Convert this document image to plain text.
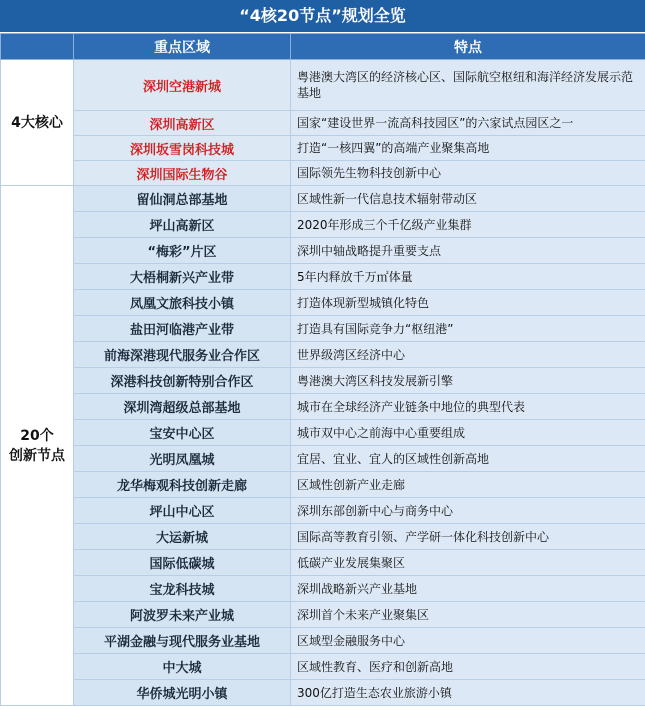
“4核20节点”规划全览
	重点区域	特点
4大核心	深圳空港新城	粤港澳大湾区的经济核心区、国际航空枢纽和海洋经济发展示范基地
	深圳高新区	国家“建设世界一流高科技园区”的六家试点园区之一
	深圳坂雪岗科技城	打造“一核四翼”的高端产业聚集高地
	深圳国际生物谷	国际领先生物科技创新中心

20个
创新节点	留仙洞总部基地	区域性新一代信息技术辐射带动区
	坪山高新区	2020年形成三个千亿级产业集群
	“梅彩”片区	深圳中轴战略提升重要支点
	大梧桐新兴产业带	5年内释放千万㎡体量
	凤凰文旅科技小镇	打造体现新型城镇化特色
	盐田河临港产业带	打造具有国际竞争力“枢纽港”
	前海深港现代服务业合作区	世界级湾区经济中心
	深港科技创新特别合作区	粤港澳大湾区科技发展新引擎
	深圳湾超级总部基地	城市在全球经济产业链条中地位的典型代表
	宝安中心区	城市双中心之前海中心重要组成
	光明凤凰城	宜居、宜业、宜人的区域性创新高地
	龙华梅观科技创新走廊	区域性创新产业走廊
	坪山中心区	深圳东部创新中心与商务中心
	大运新城	国际高等教育引领、产学研一体化科技创新中心
	国际低碳城	低碳产业发展集聚区
	宝龙科技城	深圳战略新兴产业基地
	阿波罗未来产业城	深圳首个未来产业聚集区
	平湖金融与现代服务业基地	区域型金融服务中心
	中大城	区域性教育、医疗和创新高地
	华侨城光明小镇	300亿打造生态农业旅游小镇
